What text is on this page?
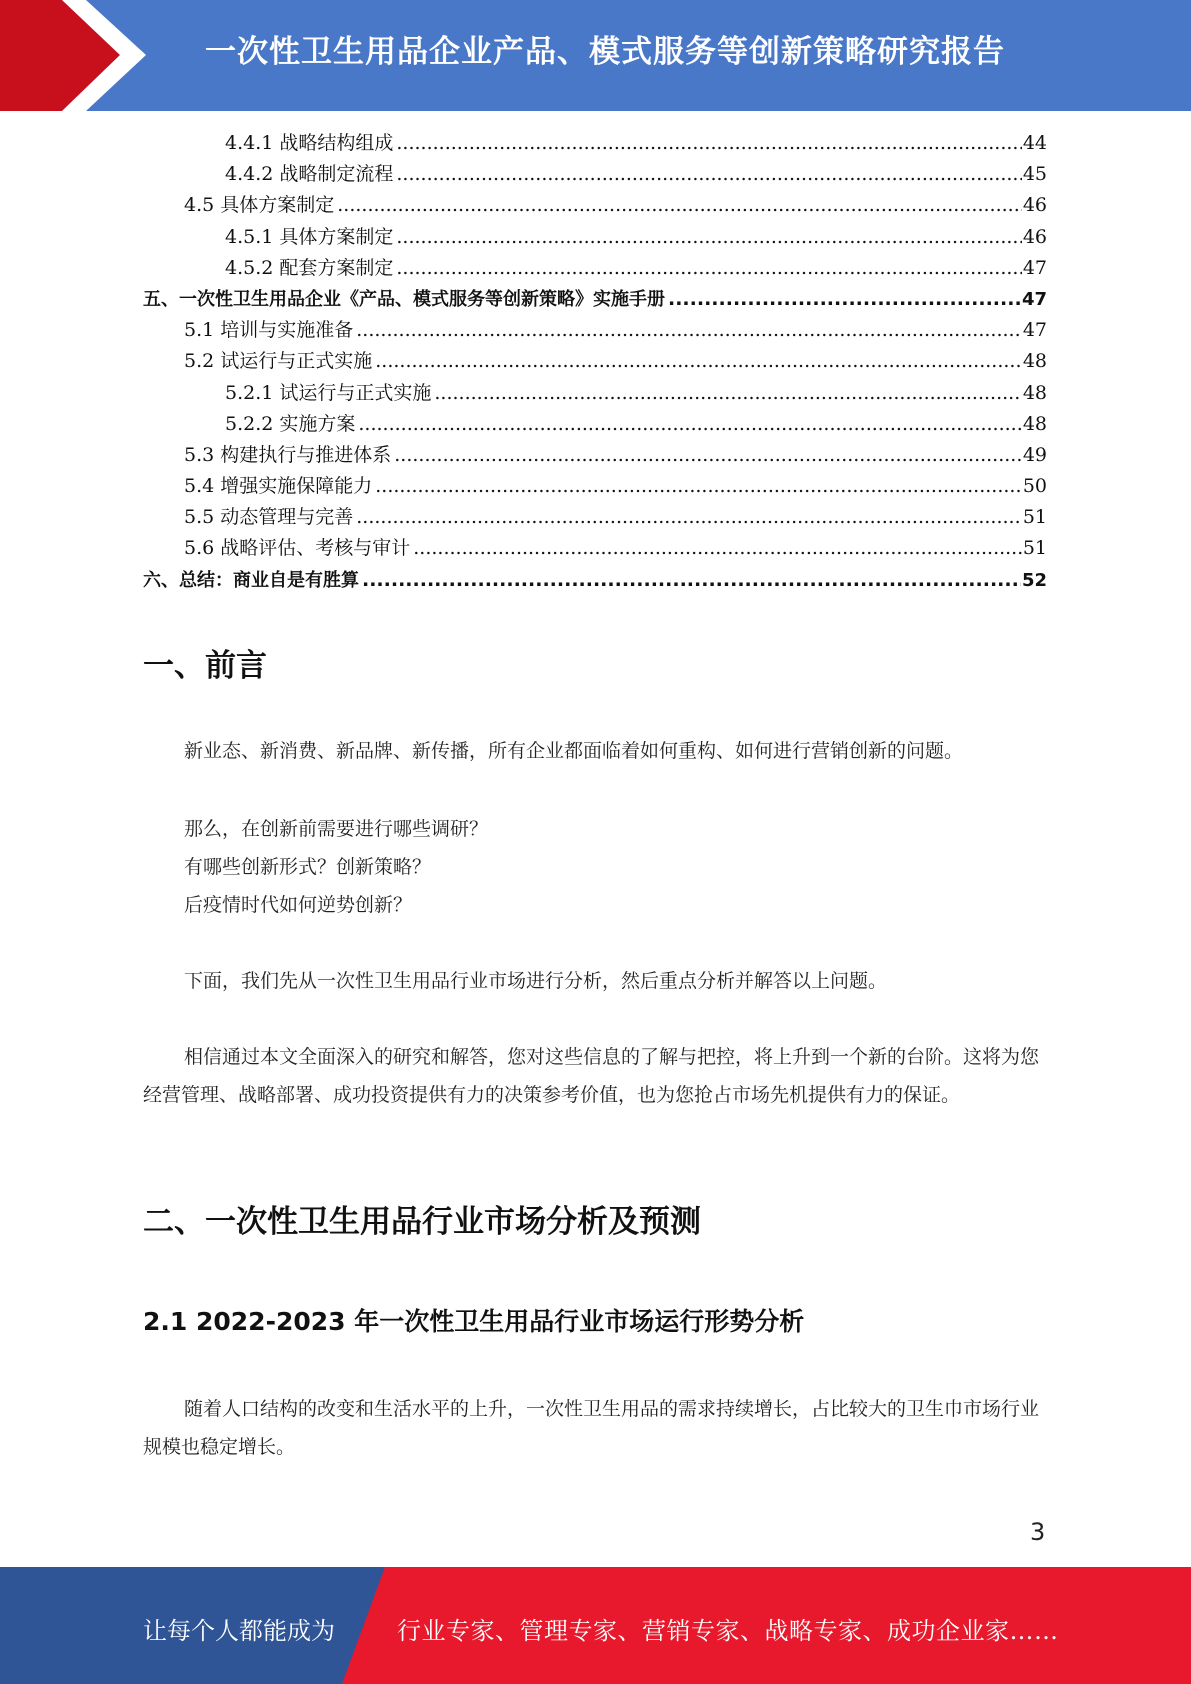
一次性卫生用品企业产品、模式服务等创新策略研究报告
4.4.1 战略结构组成 .....	44
4.4.2 战略制定流程 .....	45
4.5 具体方案制定 .....	46
4.5.1 具体方案制定 .....	46
4.5.2 配套方案制定 .....	47
五、一次性卫生用品企业《产品、模式服务等创新策略》实施手册 .....	47
5.1 培训与实施准备 .....	47
5.2 试运行与正式实施 .....	48
5.2.1 试运行与正式实施 .....	48
5.2.2 实施方案 .....	48
5.3 构建执行与推进体系 .....	49
5.4 增强实施保障能力 .....	50
5.5 动态管理与完善 .....	51
5.6 战略评估、考核与审计 .....	51
六、总结：商业自是有胜算 .....	52
一、前言

新业态、新消费、新品牌、新传播，所有企业都面临着如何重构、如何进行营销创新的问题。

那么，在创新前需要进行哪些调研？

有哪些创新形式？创新策略？

后疫情时代如何逆势创新？

下面，我们先从一次性卫生用品行业市场进行分析，然后重点分析并解答以上问题。

相信通过本文全面深入的研究和解答，您对这些信息的了解与把控，将上升到一个新的台阶。这将为您经营管理、战略部署、成功投资提供有力的决策参考价值，也为您抢占市场先机提供有力的保证。

二、一次性卫生用品行业市场分析及预测
2.1 2022-2023 年一次性卫生用品行业市场运行形势分析

随着人口结构的改变和生活水平的上升，一次性卫生用品的需求持续增长，占比较大的卫生巾市场行业规模也稳定增长。

3
让每个人都能成为	行业专家、管理专家、营销专家、战略专家、成功企业家……
